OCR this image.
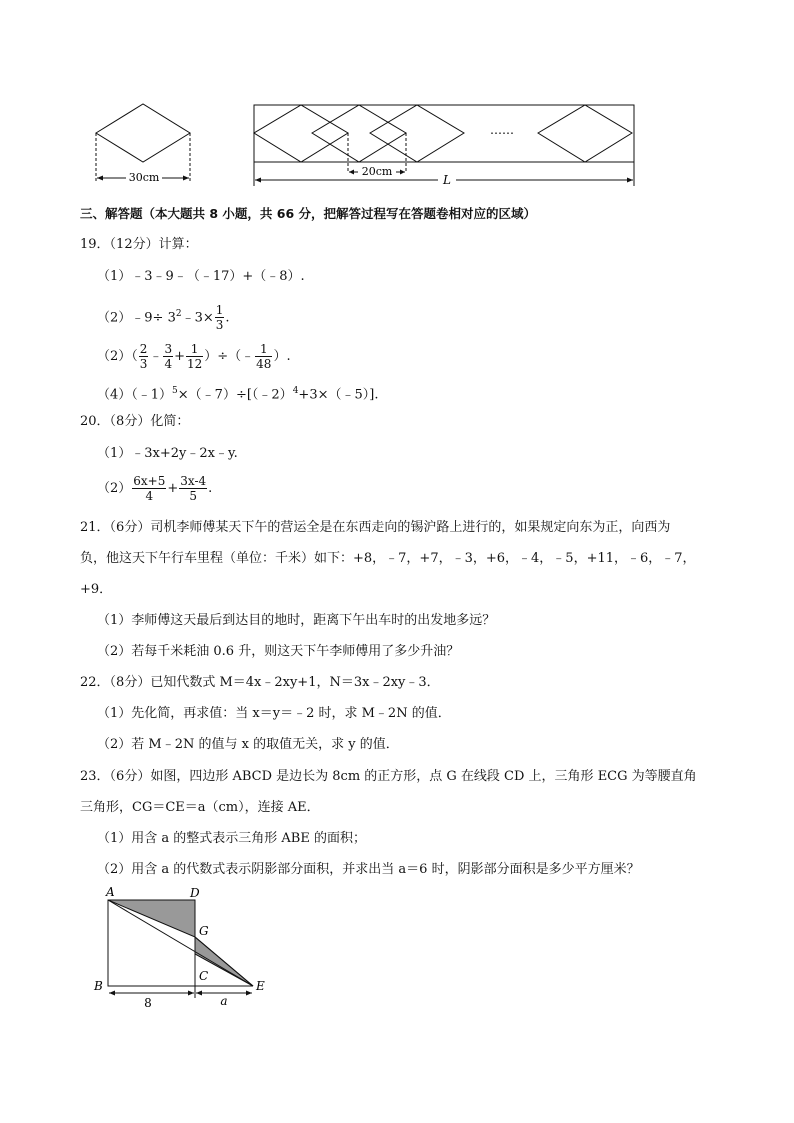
30cm
……
20cm
L
三、解答题（本大题共 8 小题，共 66 分，把解答过程写在答题卷相对应的区域）
19．（12分）计算：
（1）﹣3﹣9﹣（﹣17）+（﹣8）.
（2）﹣9÷ $3^2﹣3\times \frac{1}{3}$ .
$(2)( \frac{2}{3}$ ﹣ $\frac{3}{4} + \frac{1}{12}$ ）÷（﹣ $\frac{1}{48}$ ）.
（4）（﹣1）$^5$×（﹣7）÷[（﹣2）$^4$+3×（﹣5）].
20．（8分）化简：
（1）﹣3x+2y﹣2x﹣y.
$(2) \frac{6x+5}{4} + \frac{3x-4}{5}$ .
21．（6分）司机李师傅某天下午的营运全是在东西走向的锡沪路上进行的，如果规定向东为正，向西为
负，他这天下午行车里程（单位：千米）如下：+8，﹣7，+7，﹣3，+6，﹣4，﹣5，+11，﹣6，﹣7，
+9．
（1）李师傅这天最后到达目的地时，距离下午出车时的出发地多远？
（2）若每千米耗油 0.6 升，则这天下午李师傅用了多少升油？
22．（8分）已知代数式 M＝4x﹣2xy+1，N＝3x﹣2xy﹣3．
（1）先化简，再求值：当 x＝y＝﹣2 时，求 M﹣2N 的值．
（2）若 M﹣2N 的值与 x 的取值无关，求 y 的值．
23．（6分）如图，四边形 ABCD 是边长为 8cm 的正方形，点 G 在线段 CD 上，三角形 ECG 为等腰直角
三角形，CG＝CE＝a（cm），连接 AE．
（1）用含 a 的整式表示三角形 ABE 的面积；
（2）用含 a 的代数式表示阴影部分面积，并求出当 a＝6 时，阴影部分面积是多少平方厘米？
A	D
G
C
B	E
8	a
